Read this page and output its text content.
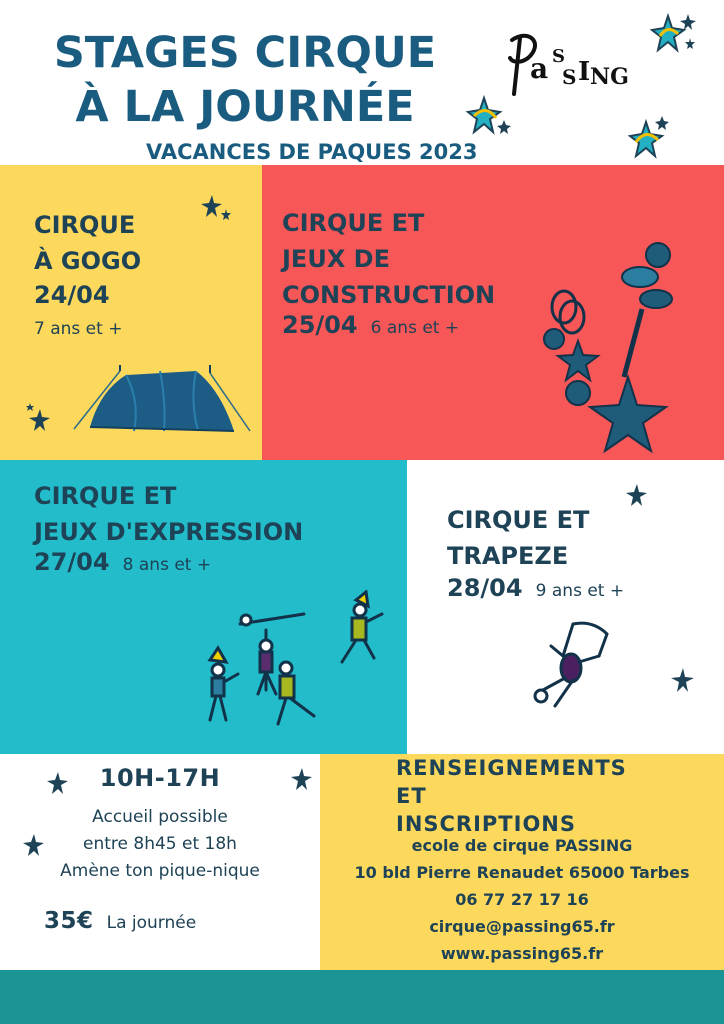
STAGES CIRQUE
À LA JOURNÉE
VACANCES DE PAQUES 2023
a S
S I NG
CIRQUE
À GOGO
24/04
7 ans et +
CIRQUE ET
JEUX DE
CONSTRUCTION
25/04 6 ans et +
CIRQUE ET
JEUX D'EXPRESSION
27/04 8 ans et +
CIRQUE ET
TRAPEZE
28/04 9 ans et +
10H-17H
Accueil possible
entre 8h45 et 18h
Amène ton pique-nique
35€ La journée
RENSEIGNEMENTS
ET
INSCRIPTIONS
ecole de cirque PASSING
10 bld Pierre Renaudet 65000 Tarbes
06 77 27 17 16
cirque@passing65.fr
www.passing65.fr
